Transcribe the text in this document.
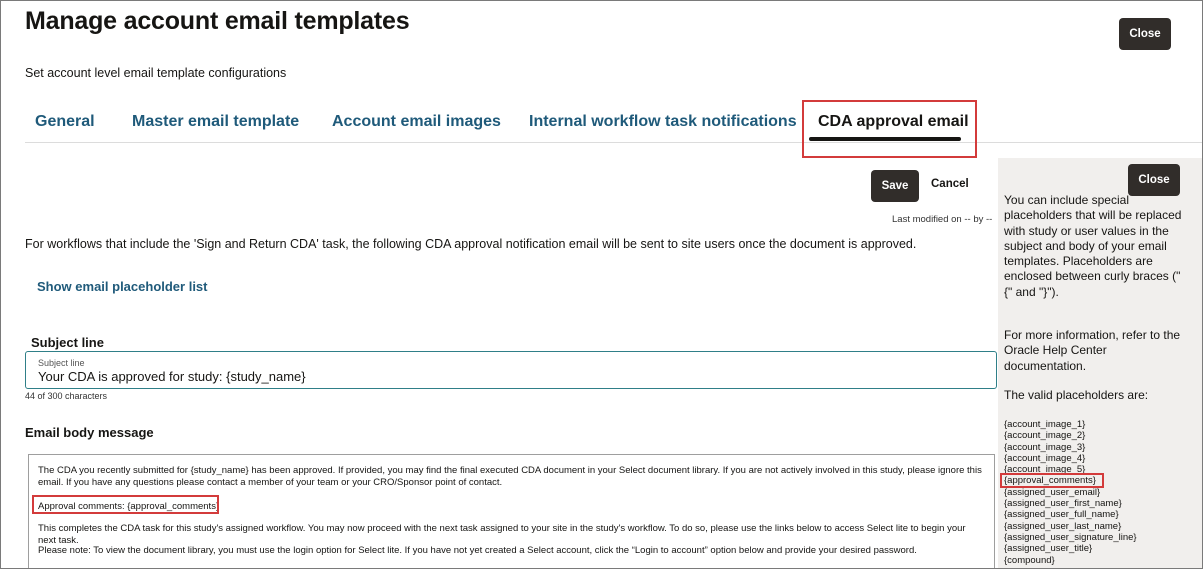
Manage account email templates	Close
Set account level email template configurations
General Master email template Account email images Internal workflow task notifications CDA approval email
Save	Cancel
Last modified on -- by --
For workflows that include the 'Sign and Return CDA' task, the following CDA approval notification email will be sent to site users once the document is approved.
Show email placeholder list
Subject line
Subject line
Your CDA is approved for study: {study_name}
44 of 300 characters
Email body message
The CDA you recently submitted for {study_name} has been approved. If provided, you may find the final executed CDA document in your Select document library. If you are not actively involved in this study, please ignore this email. If you have any questions please contact a member of your team or your CRO/Sponsor point of contact.
Approval comments: {approval_comments}
This completes the CDA task for this study's assigned workflow. You may now proceed with the next task assigned to your site in the study's workflow. To do so, please use the links below to access Select lite to begin your next task.
Please note: To view the document library, you must use the login option for Select lite. If you have not yet created a Select account, click the “Login to account” option below and provide your desired password.
Close
You can include special placeholders that will be replaced with study or user values in the subject and body of your email templates. Placeholders are enclosed between curly braces ("{" and "}").
For more information, refer to the Oracle Help Center documentation.
The valid placeholders are:
{account_image_1}
{account_image_2}
{account_image_3}
{account_image_4}
{account_image_5}
{approval_comments}
{assigned_user_email}
{assigned_user_first_name}
{assigned_user_full_name}
{assigned_user_last_name}
{assigned_user_signature_line}
{assigned_user_title}
{compound}
